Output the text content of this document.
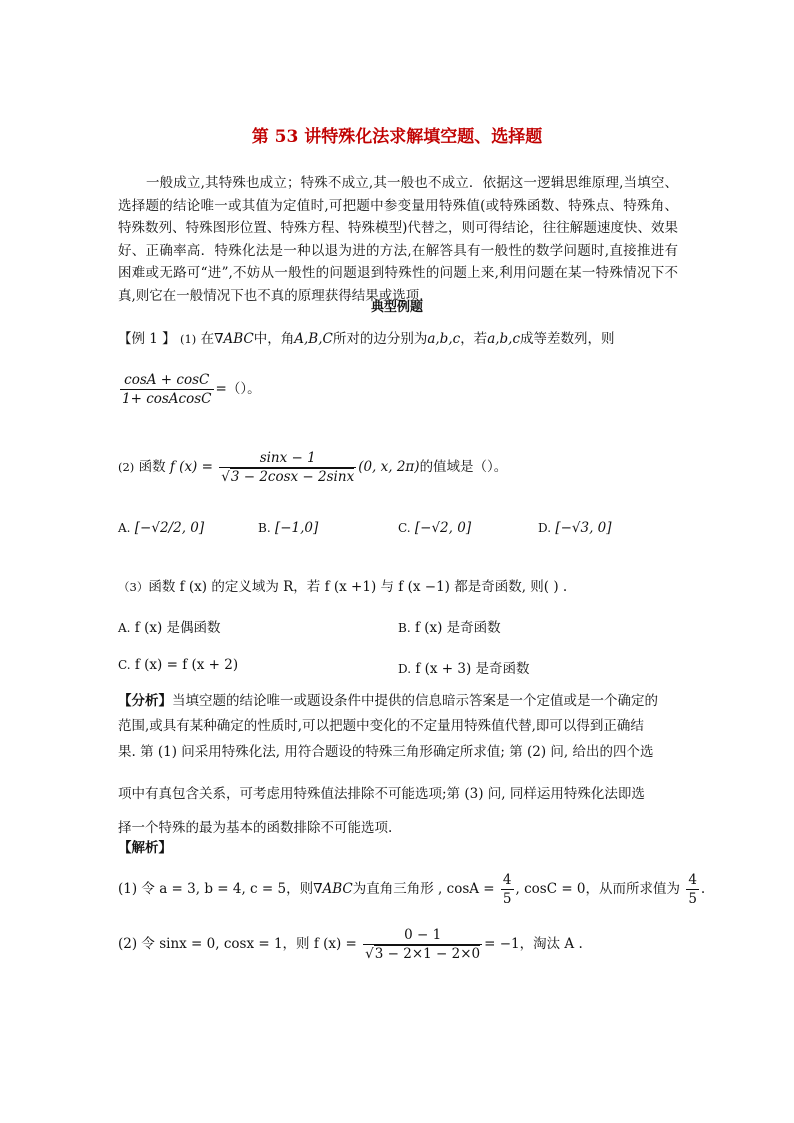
第 53 讲特殊化法求解填空题、选择题
一般成立,其特殊也成立；特殊不成立,其一般也不成立．依据这一逻辑思维原理,当填空、选择题的结论唯一或其值为定值时,可把题中参变量用特殊值(或特殊函数、特殊点、特殊角、特殊数列、特殊图形位置、特殊方程、特殊模型)代替之，则可得结论，往往解题速度快、效果好、正确率高．特殊化法是一种以退为进的方法,在解答具有一般性的数学问题时,直接推进有困难或无路可“进”,不妨从一般性的问题退到特殊性的问题上来,利用问题在某一特殊情况下不真,则它在一般情况下也不真的原理获得结果或选项．
典型例题
【例 1 】 (1) 在∇ABC中，角A,B,C所对的边分别为a,b,c，若a,b,c成等差数列，则
$\frac{\cos A + \cos C}{\text{1+ cosAcosC}}$ =（）。
(2) 函数 f $(x) = \frac{\sin x - 1}{√3 - 2\cos x - 2\sin x} (0$, x, 2π)的值域是（）。
A. [−√2/2, 0]	B. [−1,0]	C. [−√2, 0]	D. [−√3, 0]
（3）函数 f (x) 的定义域为 R，若 f (x +1) 与 f (x −1) 都是奇函数, 则( ) .
A. f (x) 是偶函数	B. f (x) 是奇函数
C. f (x) = f (x + 2)	D. f (x + 3) 是奇函数
【分析】当填空题的结论唯一或题设条件中提供的信息暗示答案是一个定值或是一个确定的
范围,或具有某种确定的性质时,可以把题中变化的不定量用特殊值代替,即可以得到正确结
果. 第 (1) 问采用特殊化法, 用符合题设的特殊三角形确定所求值; 第 (2) 问, 给出的四个选
项中有真包含关系，可考虑用特殊值法排除不可能选项;第 (3) 问, 同样运用特殊化法即选
择一个特殊的最为基本的函数排除不可能选项.
【解析】
(1) 令 a = 3, b = 4, c = 5，则∇ABC为直角三角形 , $\cos A = \frac{4}{5}$ , cosC = 0，从而所求值为 $\frac{4}{5}$ .
(2) 令 sinx = 0, cosx = 1，则 f $(x) = \frac{0 - 1}{√3 - 2\times 1 - 2\times 0} = -1$，淘汰 A .
